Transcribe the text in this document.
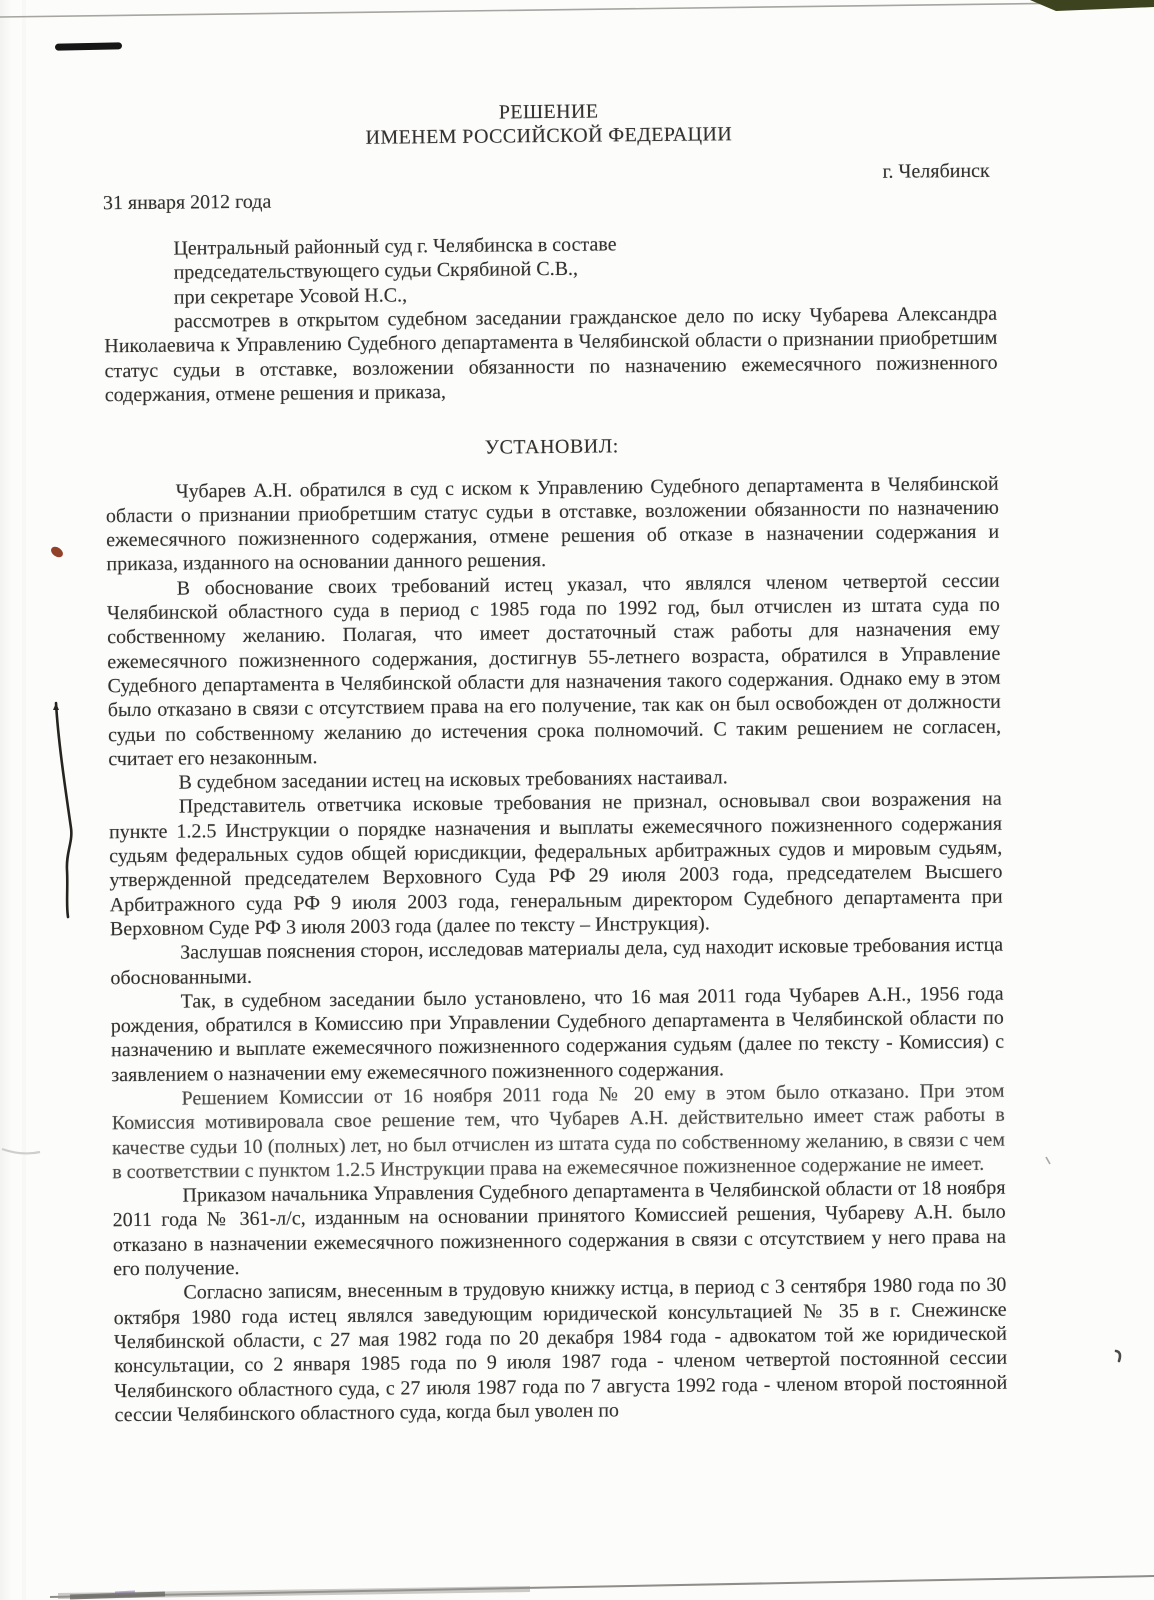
РЕШЕНИЕ
ИМЕНЕМ РОССИЙСКОЙ ФЕДЕРАЦИИ
г. Челябинск
31 января 2012 года

Центральный районный суд г. Челябинска в составе

председательствующего судьи Скрябиной С.В.,

при секретаре Усовой Н.С.,

рассмотрев в открытом судебном заседании гражданское дело по иску Чубарева Александра Николаевича к Управлению Судебного департамента в Челябинской области о признании приобретшим статус судьи в отставке, возложении обязанности по назначению ежемесячного пожизненного содержания, отмене решения и приказа,

УСТАНОВИЛ:

Чубарев А.Н. обратился в суд с иском к Управлению Судебного департамента в Челябинской области о признании приобретшим статус судьи в отставке, возложении обязанности по назначению ежемесячного пожизненного содержания, отмене решения об отказе в назначении содержания и приказа, изданного на основании данного решения.

В обоснование своих требований истец указал, что являлся членом четвертой сессии Челябинской областного суда в период с 1985 года по 1992 год, был отчислен из штата суда по собственному желанию. Полагая, что имеет достаточный стаж работы для назначения ему ежемесячного пожизненного содержания, достигнув 55-летнего возраста, обратился в Управление Судебного департамента в Челябинской области для назначения такого содержания. Однако ему в этом было отказано в связи с отсутствием права на его получение, так как он был освобожден от должности судьи по собственному желанию до истечения срока полномочий. С таким решением не согласен, считает его незаконным.

В судебном заседании истец на исковых требованиях настаивал.

Представитель ответчика исковые требования не признал, основывал свои возражения на пункте 1.2.5 Инструкции о порядке назначения и выплаты ежемесячного пожизненного содержания судьям федеральных судов общей юрисдикции, федеральных арбитражных судов и мировым судьям, утвержденной председателем Верховного Суда РФ 29 июля 2003 года, председателем Высшего Арбитражного суда РФ 9 июля 2003 года, генеральным директором Судебного департамента при Верховном Суде РФ 3 июля 2003 года (далее по тексту – Инструкция).

Заслушав пояснения сторон, исследовав материалы дела, суд находит исковые требования истца обоснованными.

Так, в судебном заседании было установлено, что 16 мая 2011 года Чубарев А.Н., 1956 года рождения, обратился в Комиссию при Управлении Судебного департамента в Челябинской области по назначению и выплате ежемесячного пожизненного содержания судьям (далее по тексту - Комиссия) с заявлением о назначении ему ежемесячного пожизненного содержания.

Решением Комиссии от 16 ноября 2011 года № 20 ему в этом было отказано. При этом Комиссия мотивировала свое решение тем, что Чубарев А.Н. действительно имеет стаж работы в качестве судьи 10 (полных) лет, но был отчислен из штата суда по собственному желанию, в связи с чем в соответствии с пунктом 1.2.5 Инструкции права на ежемесячное пожизненное содержание не имеет.

Приказом начальника Управления Судебного департамента в Челябинской области от 18 ноября 2011 года № 361-л/с, изданным на основании принятого Комиссией решения, Чубареву А.Н. было отказано в назначении ежемесячного пожизненного содержания в связи с отсутствием у него права на его получение.

Согласно записям, внесенным в трудовую книжку истца, в период с 3 сентября 1980 года по 30 октября 1980 года истец являлся заведующим юридической консультацией № 35 в г. Снежинске Челябинской области, с 27 мая 1982 года по 20 декабря 1984 года - адвокатом той же юридической консультации, со 2 января 1985 года по 9 июля 1987 года - членом четвертой постоянной сессии Челябинского областного суда, с 27 июля 1987 года по 7 августа 1992 года - членом второй постоянной сессии Челябинского областного суда, когда был уволен по
